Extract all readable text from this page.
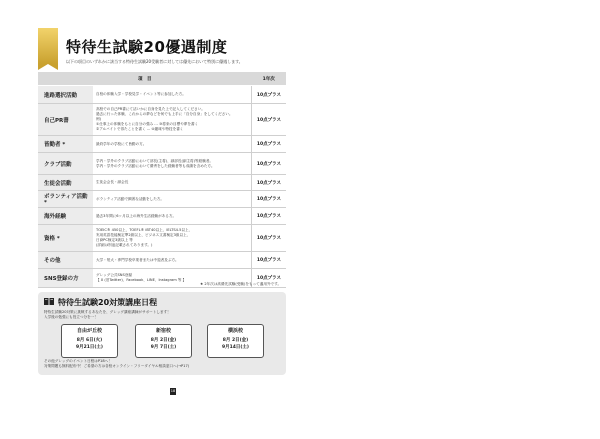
特待生試験20優遇制度
以下の項目のいずれかに該当する特待生試験20受験者に対しては優先において特別に優遇します。
項　目		1年次
進路選択活動	自校の体験入学・学校見学・イベント等に参加した方。	10点プラス
自己PR書	高校での自己PR書にて活いかに自身を見た上で記入してください。
過去に行った体験、これからの夢などを何でも上手に「自分自身」をしてください。
例)
①仕事上の体験をもとに自分の強み … ③将来の目標や夢を書く
②アルバイトで得たことを書く … ④趣味や特技を書く	10点プラス
皆勤者 *	最終学年の学校にて皆勤の方。	10点プラス
クラブ活動	学内・学外のクラブ活動において部長(主将)、副部長(副主将)等経験者。
学内・学外のクラブ活動において優秀をした経験者等も成績を含めた方。	10点プラス
生徒会活動	生徒会会長・副会長	10点プラス
ボランティア活動 *	ボランティア活動で顕著な活動をした方。	10点プラス
海外経験	過去3年間に6ヶ月以上の海外生活経験がある方。	10点プラス
資格 *	TOEIC® 450以上、TOEFL® iBT40以上、IELTS4.5以上、
実用英語技能検定準2級以上、ビジネス文書検定3級以上、
日商PC検定3級以上 等
(詳細は別途記載されてあります。)	10点プラス
その他	大学・短大・専門学校卒業者または中退者及ぶ方。	10点プラス
SNS登録の方	グレッグ公式SNS登録
【 X (旧Twitter)、Facebook、LINE、Instagram 等 】	10点プラス
★ 2年次は高優先試験(受験)をもって適用外です。
特待生試験20対策講座日程
特待生試験20対策に挑戦するあなたを、グレッグ講座講師がサポートします！
入学後の勉強にも役立つ分を一！
自由が丘校
8月 6日(火)
9月21日(土)
新宿校
8月 2日(金)
9月 7日(土)
横浜校
8月 2日(金)
9月14日(土)
その他グレッグのイベント日程はP18へ！
対策問題も無料配布中！ご希望の方は各校オンライン・フリーダイヤル相談窓口へ(→P17)
18
